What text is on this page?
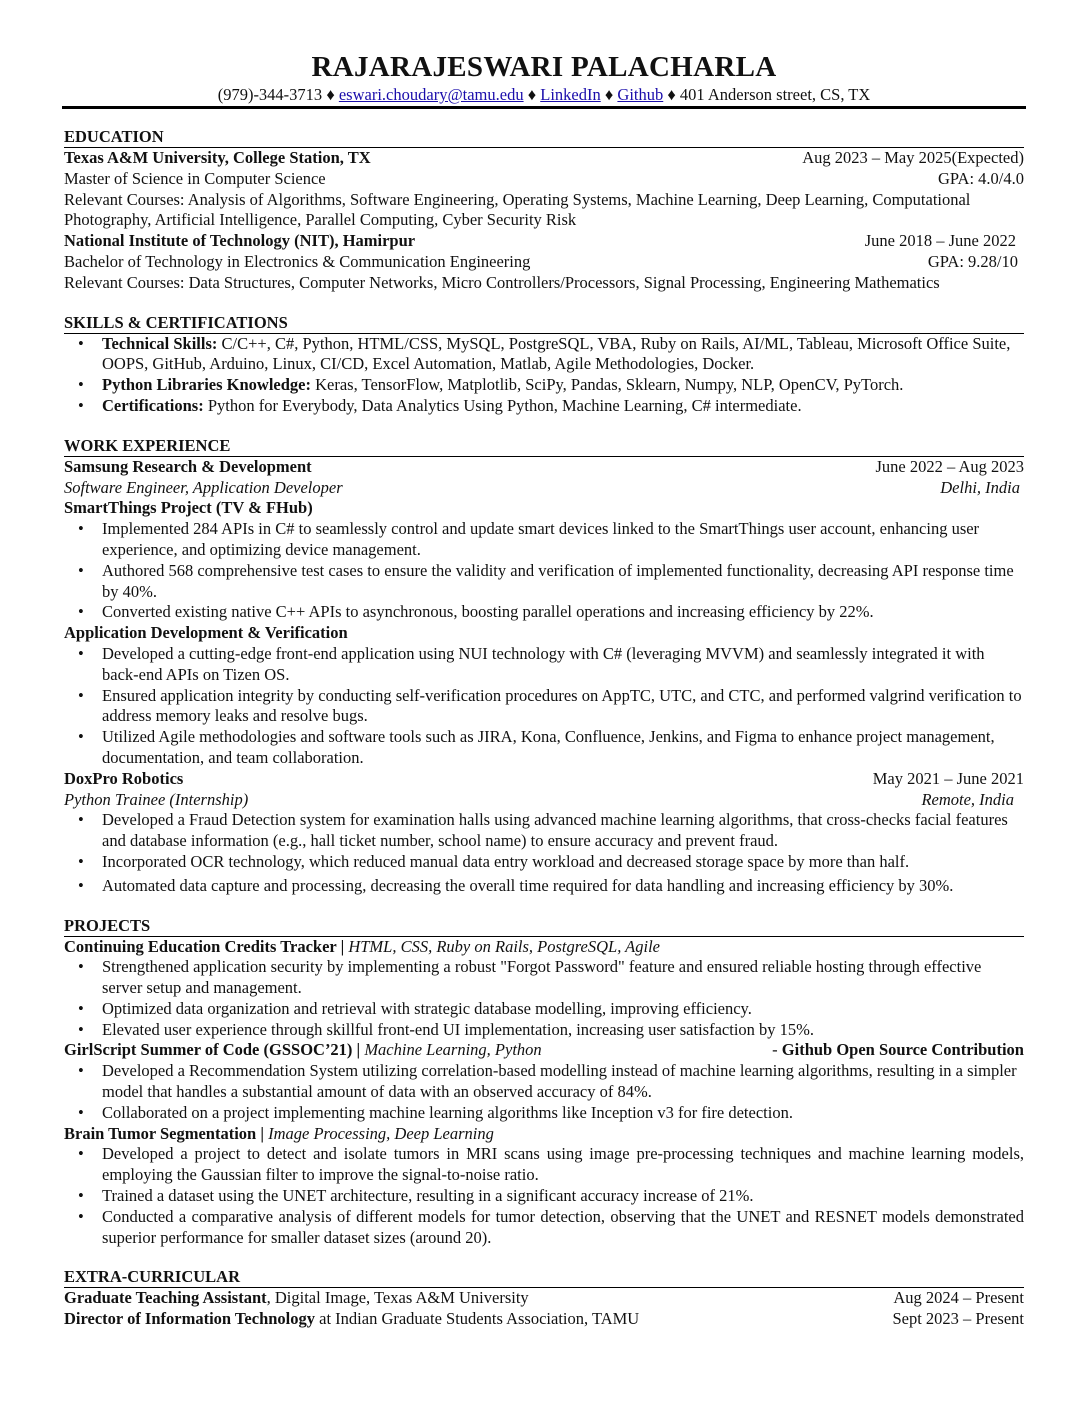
RAJARAJESWARI PALACHARLA
(979)-344-3713 ♦ eswari.choudary@tamu.edu ♦ LinkedIn ♦ Github ♦ 401 Anderson street, CS, TX
EDUCATION
Texas A&M University, College Station, TX	Aug 2023 – May 2025(Expected)
Master of Science in Computer Science	GPA: 4.0/4.0
Relevant Courses: Analysis of Algorithms, Software Engineering, Operating Systems, Machine Learning, Deep Learning, Computational Photography, Artificial Intelligence, Parallel Computing, Cyber Security Risk
National Institute of Technology (NIT), Hamirpur	June 2018 – June 2022
Bachelor of Technology in Electronics & Communication Engineering	GPA: 9.28/10
Relevant Courses: Data Structures, Computer Networks, Micro Controllers/Processors, Signal Processing, Engineering Mathematics
SKILLS & CERTIFICATIONS
• Technical Skills: C/C++, C#, Python, HTML/CSS, MySQL, PostgreSQL, VBA, Ruby on Rails, AI/ML, Tableau, Microsoft Office Suite, OOPS, GitHub, Arduino, Linux, CI/CD, Excel Automation, Matlab, Agile Methodologies, Docker.
• Python Libraries Knowledge: Keras, TensorFlow, Matplotlib, SciPy, Pandas, Sklearn, Numpy, NLP, OpenCV, PyTorch.
• Certifications: Python for Everybody, Data Analytics Using Python, Machine Learning, C# intermediate.
WORK EXPERIENCE
Samsung Research & Development	June 2022 – Aug 2023
Software Engineer, Application Developer	Delhi, India
SmartThings Project (TV & FHub)
• Implemented 284 APIs in C# to seamlessly control and update smart devices linked to the SmartThings user account, enhancing user experience, and optimizing device management.
• Authored 568 comprehensive test cases to ensure the validity and verification of implemented functionality, decreasing API response time by 40%.
• Converted existing native C++ APIs to asynchronous, boosting parallel operations and increasing efficiency by 22%.
Application Development & Verification
• Developed a cutting-edge front-end application using NUI technology with C# (leveraging MVVM) and seamlessly integrated it with back-end APIs on Tizen OS.
• Ensured application integrity by conducting self-verification procedures on AppTC, UTC, and CTC, and performed valgrind verification to address memory leaks and resolve bugs.
• Utilized Agile methodologies and software tools such as JIRA, Kona, Confluence, Jenkins, and Figma to enhance project management, documentation, and team collaboration.
DoxPro Robotics	May 2021 – June 2021
Python Trainee (Internship)	Remote, India
• Developed a Fraud Detection system for examination halls using advanced machine learning algorithms, that cross-checks facial features and database information (e.g., hall ticket number, school name) to ensure accuracy and prevent fraud.
• Incorporated OCR technology, which reduced manual data entry workload and decreased storage space by more than half.
• Automated data capture and processing, decreasing the overall time required for data handling and increasing efficiency by 30%.
PROJECTS
Continuing Education Credits Tracker | HTML, CSS, Ruby on Rails, PostgreSQL, Agile
• Strengthened application security by implementing a robust "Forgot Password" feature and ensured reliable hosting through effective server setup and management.
• Optimized data organization and retrieval with strategic database modelling, improving efficiency.
• Elevated user experience through skillful front-end UI implementation, increasing user satisfaction by 15%.
GirlScript Summer of Code (GSSOC’21) | Machine Learning, Python	- Github Open Source Contribution
• Developed a Recommendation System utilizing correlation-based modelling instead of machine learning algorithms, resulting in a simpler model that handles a substantial amount of data with an observed accuracy of 84%.
• Collaborated on a project implementing machine learning algorithms like Inception v3 for fire detection.
Brain Tumor Segmentation | Image Processing, Deep Learning
• Developed a project to detect and isolate tumors in MRI scans using image pre-processing techniques and machine learning models, employing the Gaussian filter to improve the signal-to-noise ratio.
• Trained a dataset using the UNET architecture, resulting in a significant accuracy increase of 21%.
• Conducted a comparative analysis of different models for tumor detection, observing that the UNET and RESNET models demonstrated superior performance for smaller dataset sizes (around 20).
EXTRA-CURRICULAR
Graduate Teaching Assistant, Digital Image, Texas A&M University	Aug 2024 – Present
Director of Information Technology at Indian Graduate Students Association, TAMU	Sept 2023 – Present
